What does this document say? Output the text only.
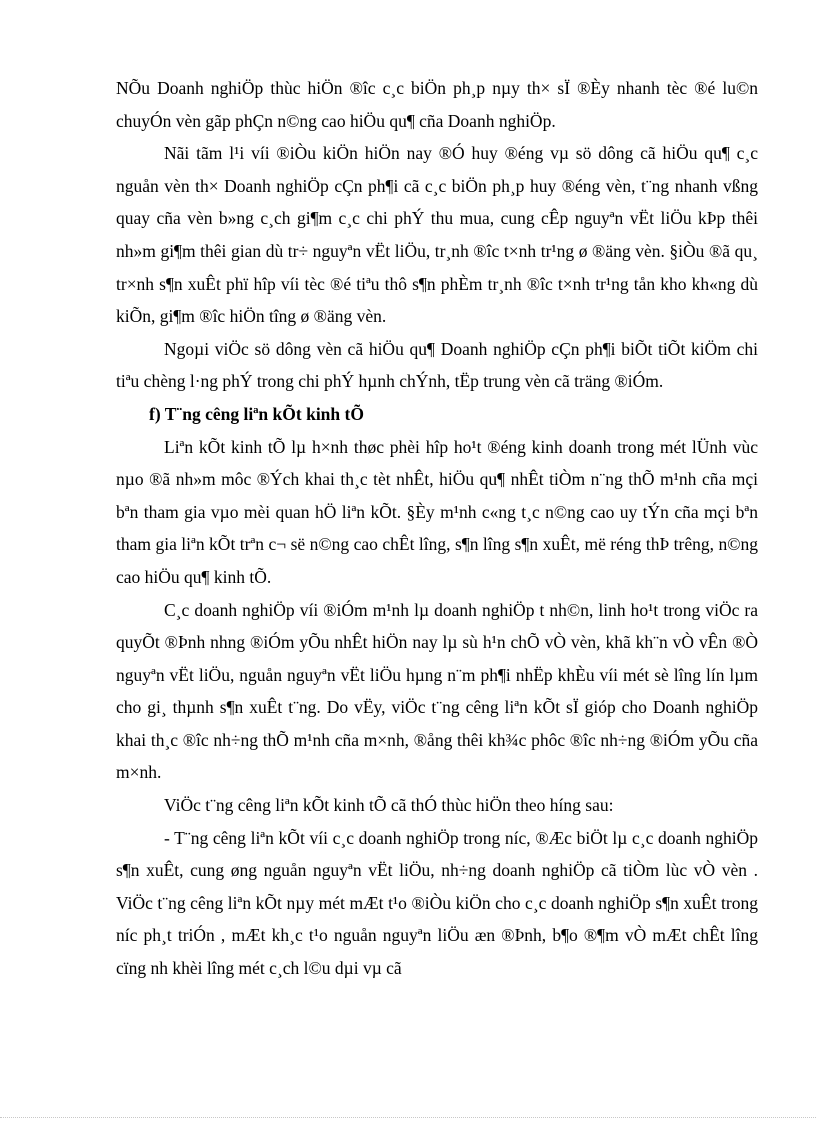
NÕu Doanh nghiÖp thùc hiÖn ®îc c¸c biÖn ph¸p nµy th× sÏ ®Èy nhanh tèc ®é lu©n chuyÓn vèn gãp phÇn n©ng cao hiÖu qu¶ cña Doanh nghiÖp.

Nãi tãm l¹i víi ®iÒu kiÖn hiÖn nay ®Ó huy ®éng vµ sö dông cã hiÖu qu¶ c¸c nguån vèn th× Doanh nghiÖp cÇn ph¶i cã c¸c biÖn ph¸p huy ®éng vèn, t¨ng nhanh vßng quay cña vèn b»ng c¸ch gi¶m c¸c chi phÝ thu mua, cung cÊp nguyªn vËt liÖu kÞp thêi nh»m gi¶m thêi gian dù tr÷ nguyªn vËt liÖu, tr¸nh ®îc t×nh tr¹ng ø ®äng vèn. §iÒu ®ã qu¸ tr×nh s¶n xuÊt phï hîp víi tèc ®é tiªu thô s¶n phÈm tr¸nh ®îc t×nh tr¹ng tån kho kh«ng dù kiÕn, gi¶m ®îc hiÖn tîng ø ®äng vèn.

Ngoµi viÖc sö dông vèn cã hiÖu qu¶ Doanh nghiÖp cÇn ph¶i biÕt tiÕt kiÖm chi tiªu chèng l·ng phÝ trong chi phÝ hµnh chÝnh, tËp trung vèn cã träng ®iÓm.

f) T¨ng cêng liªn kÕt kinh tÕ

Liªn kÕt kinh tÕ lµ h×nh thøc phèi hîp ho¹t ®éng kinh doanh trong mét lÜnh vùc nµo ®ã nh»m môc ®Ých khai th¸c tèt nhÊt, hiÖu qu¶ nhÊt tiÒm n¨ng thÕ m¹nh cña mçi bªn tham gia vµo mèi quan hÖ liªn kÕt. §Èy m¹nh c«ng t¸c n©ng cao uy tÝn cña mçi bªn tham gia liªn kÕt trªn c¬ së n©ng cao chÊt lîng, s¶n lîng s¶n xuÊt, më réng thÞ trêng, n©ng cao hiÖu qu¶ kinh tÕ.

C¸c doanh nghiÖp víi ®iÓm m¹nh lµ doanh nghiÖp t nh©n, linh ho¹t trong viÖc ra quyÕt ®Þnh nhng ®iÓm yÕu nhÊt hiÖn nay lµ sù h¹n chÕ vÒ vèn, khã kh¨n vÒ vÊn ®Ò nguyªn vËt liÖu, nguån nguyªn vËt liÖu hµng n¨m ph¶i nhËp khÈu víi mét sè lîng lín lµm cho gi¸ thµnh s¶n xuÊt t¨ng. Do vËy, viÖc t¨ng cêng liªn kÕt sÏ gióp cho Doanh nghiÖp khai th¸c ®îc nh÷ng thÕ m¹nh cña m×nh, ®ång thêi kh¾c phôc ®îc nh÷ng ®iÓm yÕu cña m×nh.

ViÖc t¨ng cêng liªn kÕt kinh tÕ cã thÓ thùc hiÖn theo híng sau:

- T¨ng cêng liªn kÕt víi c¸c doanh nghiÖp trong níc, ®Æc biÖt lµ c¸c doanh nghiÖp s¶n xuÊt, cung øng nguån nguyªn vËt liÖu, nh÷ng doanh nghiÖp cã tiÒm lùc vÒ vèn . ViÖc t¨ng cêng liªn kÕt nµy mét mÆt t¹o ®iÒu kiÖn cho c¸c doanh nghiÖp s¶n xuÊt trong níc ph¸t triÓn , mÆt kh¸c t¹o nguån nguyªn liÖu æn ®Þnh, b¶o ®¶m vÒ mÆt chÊt lîng cïng nh khèi lîng mét c¸ch l©u dµi vµ cã
